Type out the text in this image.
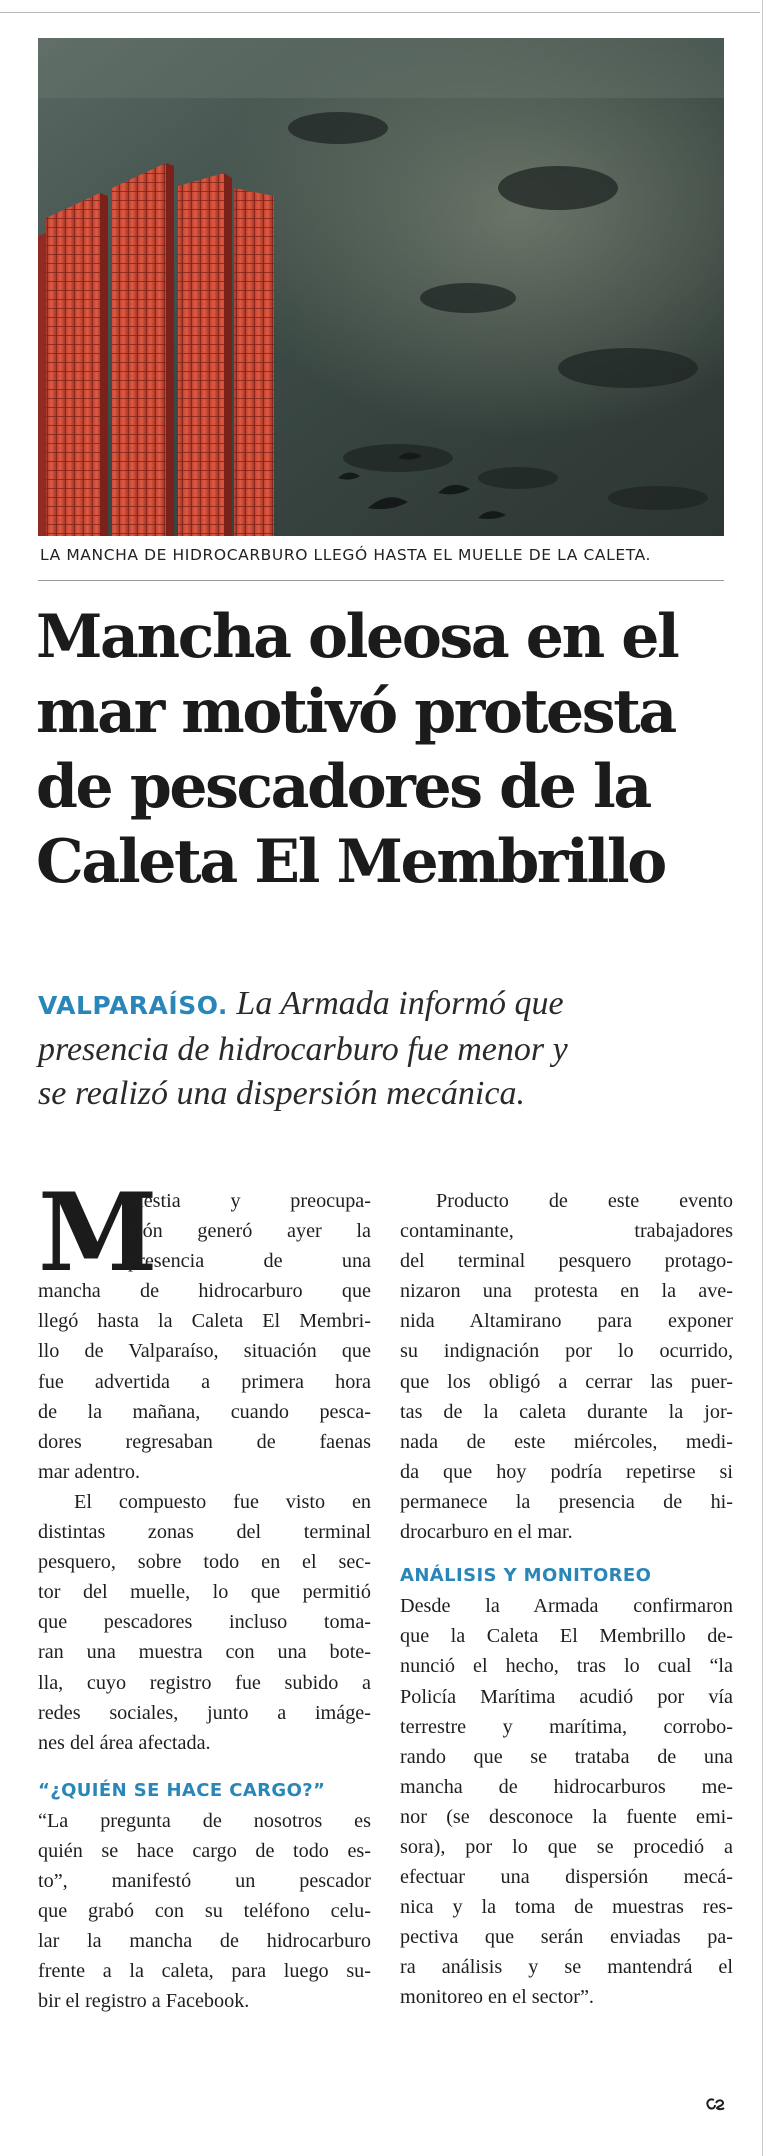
LA MANCHA DE HIDROCARBURO LLEGÓ HASTA EL MUELLE DE LA CALETA.
Mancha oleosa en el
mar motivó protesta
de pescadores de la
Caleta El Membrillo
VALPARAÍSO. La Armada informó que
presencia de hidrocarburo fue menor y
se realizó una dispersión mecánica.

M
olestia y preocupa-
ción generó ayer la
presencia de una
mancha de hidrocarburo que
llegó hasta la Caleta El Membri-
llo de Valparaíso, situación que
fue advertida a primera hora
de la mañana, cuando pesca-
dores regresaban de faenas
mar adentro.

El compuesto fue visto en
distintas zonas del terminal
pesquero, sobre todo en el sec-
tor del muelle, lo que permitió
que pescadores incluso toma-
ran una muestra con una bote-
lla, cuyo registro fue subido a
redes sociales, junto a imáge-
nes del área afectada.

“¿QUIÉN SE HACE CARGO?”

“La pregunta de nosotros es
quién se hace cargo de todo es-
to”, manifestó un pescador
que grabó con su teléfono celu-
lar la mancha de hidrocarburo
frente a la caleta, para luego su-
bir el registro a Facebook.

Producto de este evento
contaminante, trabajadores
del terminal pesquero protago-
nizaron una protesta en la ave-
nida Altamirano para exponer
su indignación por lo ocurrido,
que los obligó a cerrar las puer-
tas de la caleta durante la jor-
nada de este miércoles, medi-
da que hoy podría repetirse si
permanece la presencia de hi-
drocarburo en el mar.

ANÁLISIS Y MONITOREO

Desde la Armada confirmaron
que la Caleta El Membrillo de-
nunció el hecho, tras lo cual “la
Policía Marítima acudió por vía
terrestre y marítima, corrobo-
rando que se trataba de una
mancha de hidrocarburos me-
nor (se desconoce la fuente emi-
sora), por lo que se procedió a
efectuar una dispersión mecá-
nica y la toma de muestras res-
pectiva que serán enviadas pa-
ra análisis y se mantendrá el
monitoreo en el sector”.
